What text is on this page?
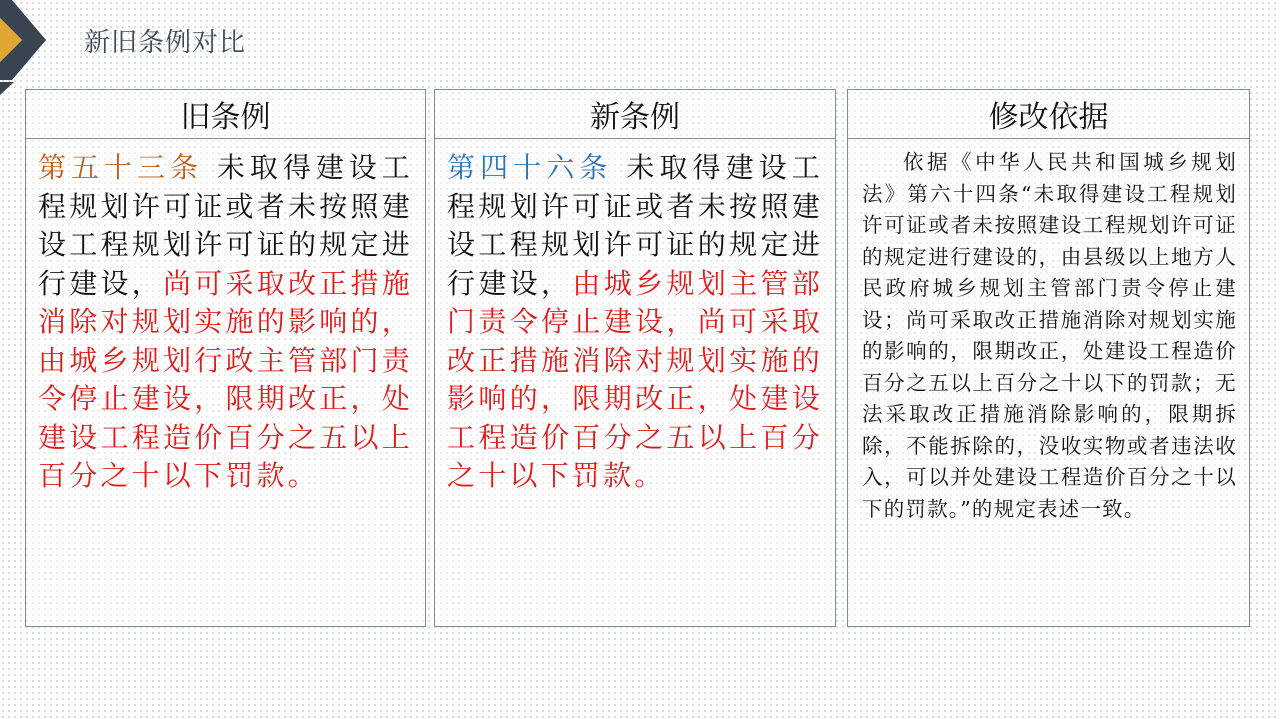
新旧条例对比
旧条例

第五十三条 未取得建设工程规划许可证或者未按照建设工程规划许可证的规定进行建设，尚可采取改正措施消除对规划实施的影响的，由城乡规划行政主管部门责令停止建设，限期改正，处建设工程造价百分之五以上百分之十以下罚款。

新条例

第四十六条 未取得建设工程规划许可证或者未按照建设工程规划许可证的规定进行建设，由城乡规划主管部门责令停止建设，尚可采取改正措施消除对规划实施的影响的，限期改正，处建设工程造价百分之五以上百分之十以下罚款。

修改依据

依据《中华人民共和国城乡规划法》第六十四条“未取得建设工程规划许可证或者未按照建设工程规划许可证的规定进行建设的，由县级以上地方人民政府城乡规划主管部门责令停止建设；尚可采取改正措施消除对规划实施的影响的，限期改正，处建设工程造价百分之五以上百分之十以下的罚款；无法采取改正措施消除影响的，限期拆除，不能拆除的，没收实物或者违法收入，可以并处建设工程造价百分之十以下的罚款。”的规定表述一致。
